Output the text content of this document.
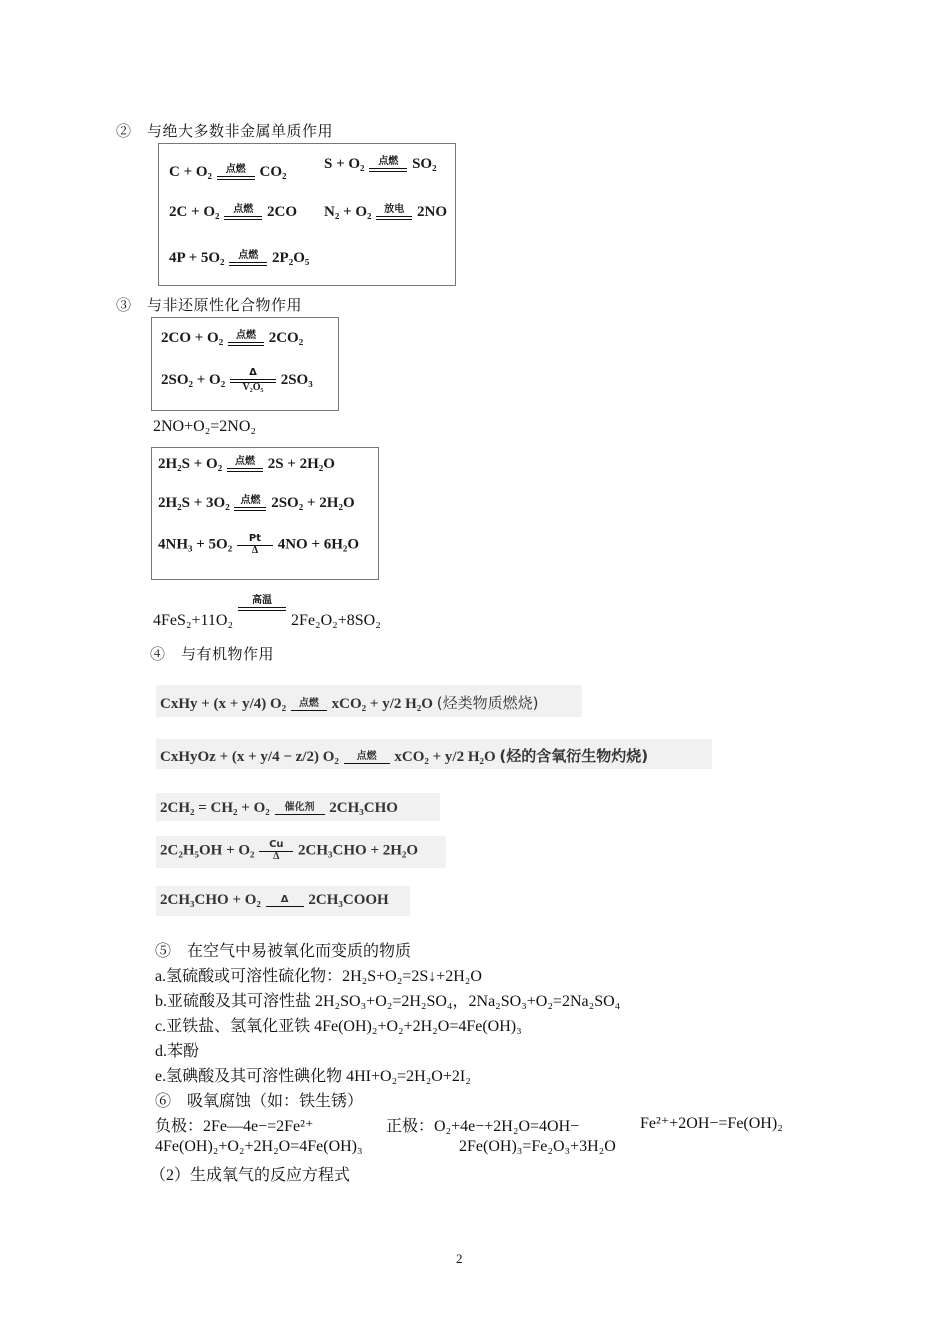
②　与绝大多数非金属单质作用
C + O₂	点燃 CO₂ S + O₂	点燃 SO₂
2C + O₂	点燃 2CO N₂ + O₂	放电 2NO
4P + 5O₂	点燃 2P₂O₅
③　与非还原性化合物作用
2CO + O₂	点燃 2CO₂
$2SO_2 + O_2 \frac{\Delta}{\text{V₂O₅}} 2SO_3$
2NO+O₂=2NO₂
2H₂S + O₂	点燃 2S + 2H₂O
2H₂S + 3O₂	点燃 2SO₂ + 2H₂O
$4NH_3 + 5O_2 \frac{Pt}{\Delta} 4NO + 6H_2O$
4FeS₂+11O₂
高温
2Fe₂O₂+8SO₂
④　与有机物作用
CxHy + (x + y/4) O₂	点燃 xCO₂ + y/2 H₂O (烃类物质燃烧)
CxHyOz + (x + y/4 − z/2) O₂	点燃	xCO₂ + y/2 H₂O (烃的含氧衍生物灼烧)
2CH₂ = CH₂ + O₂	催化剂 2CH₃CHO
$2C_2H_5OH + O_2 \frac{Cu}{\Delta} 2CH_3CHO + 2H_2O$
2CH₃CHO + O₂	Δ	2CH₃COOH
⑤　在空气中易被氧化而变质的物质
a.氢硫酸或可溶性硫化物：2H₂S+O₂=2S↓+2H₂O
b.亚硫酸及其可溶性盐 2H₂SO₃+O₂=2H₂SO₄，2Na₂SO₃+O₂=2Na₂SO₄
c.亚铁盐、氢氧化亚铁 4Fe(OH)₂+O₂+2H₂O=4Fe(OH)₃
d.苯酚
e.氢碘酸及其可溶性碘化物 4HI+O₂=2H₂O+2I₂
⑥　吸氧腐蚀（如：铁生锈）
负极：2Fe—4e−=2Fe²⁺	正极：O₂+4e−+2H₂O=4OH−	Fe²⁺+2OH−=Fe(OH)₂
4Fe(OH)₂+O₂+2H₂O=4Fe(OH)₃	2Fe(OH)₃=Fe₂O₃+3H₂O
（2）生成氧气的反应方程式
2
